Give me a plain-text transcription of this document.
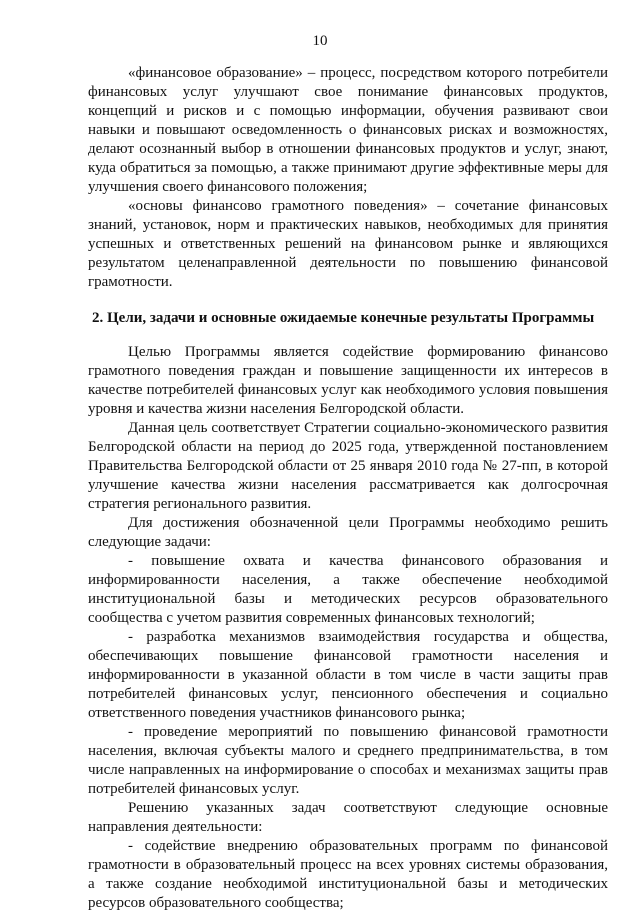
10

«финансовое образование» – процесс, посредством которого потребители финансовых услуг улучшают свое понимание финансовых продуктов, концепций и рисков и с помощью информации, обучения развивают свои навыки и повышают осведомленность о финансовых рисках и возможностях, делают осознанный выбор в отношении финансовых продуктов и услуг, знают, куда обратиться за помощью, а также принимают другие эффективные меры для улучшения своего финансового положения;

«основы финансово грамотного поведения» – сочетание финансовых знаний, установок, норм и практических навыков, необходимых для принятия успешных и ответственных решений на финансовом рынке и являющихся результатом целенаправленной деятельности по повышению финансовой грамотности.

2. Цели, задачи и основные ожидаемые конечные результаты Программы

Целью Программы является содействие формированию финансово грамотного поведения граждан и повышение защищенности их интересов в качестве потребителей финансовых услуг как необходимого условия повышения уровня и качества жизни населения Белгородской области.

Данная цель соответствует Стратегии социально-экономического развития Белгородской области на период до 2025 года, утвержденной постановлением Правительства Белгородской области от 25 января 2010 года № 27-пп, в которой улучшение качества жизни населения рассматривается как долгосрочная стратегия регионального развития.

Для достижения обозначенной цели Программы необходимо решить следующие задачи:

- повышение охвата и качества финансового образования и информированности населения, а также обеспечение необходимой институциональной базы и методических ресурсов образовательного сообщества с учетом развития современных финансовых технологий;

- разработка механизмов взаимодействия государства и общества, обеспечивающих повышение финансовой грамотности населения и информированности в указанной области в том числе в части защиты прав потребителей финансовых услуг, пенсионного обеспечения и социально ответственного поведения участников финансового рынка;

- проведение мероприятий по повышению финансовой грамотности населения, включая субъекты малого и среднего предпринимательства, в том числе направленных на информирование о способах и механизмах защиты прав потребителей финансовых услуг.

Решению указанных задач соответствуют следующие основные направления деятельности:

- содействие внедрению образовательных программ по финансовой грамотности в образовательный процесс на всех уровнях системы образования, а также создание необходимой институциональной базы и методических ресурсов образовательного сообщества;
